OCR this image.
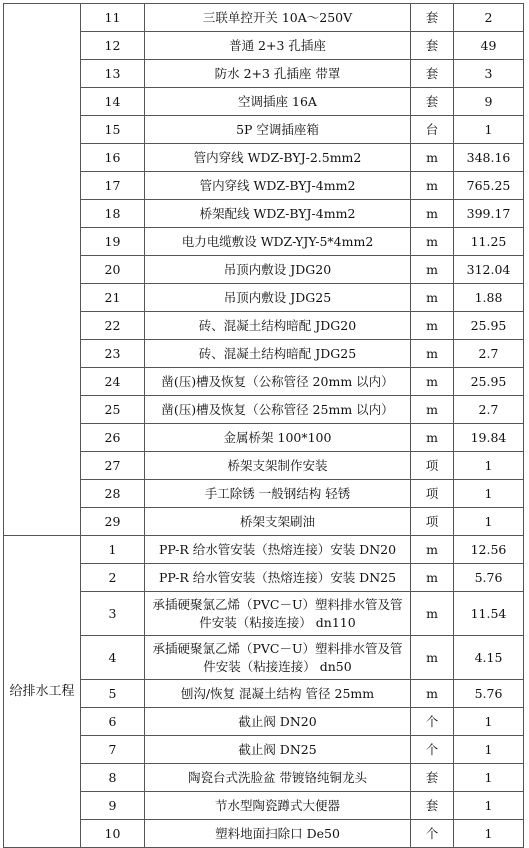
	11	三联单控开关 10A～250V	套	2
	12	普通 2+3 孔插座	套	49
	13	防水 2+3 孔插座 带罩	套	3
	14	空调插座 16A	套	9
	15	5P 空调插座箱	台	1
	16	管内穿线 WDZ-BYJ-2.5mm2	m	348.16
	17	管内穿线 WDZ-BYJ-4mm2	m	765.25
	18	桥架配线 WDZ-BYJ-4mm2	m	399.17
	19	电力电缆敷设 WDZ-YJY-5*4mm2	m	11.25
	20	吊顶内敷设 JDG20	m	312.04
	21	吊顶内敷设 JDG25	m	1.88
	22	砖、混凝土结构暗配 JDG20	m	25.95
	23	砖、混凝土结构暗配 JDG25	m	2.7
	24	凿(压)槽及恢复（公称管径 20mm 以内）	m	25.95
	25	凿(压)槽及恢复（公称管径 25mm 以内）	m	2.7
	26	金属桥架 100*100	m	19.84
	27	桥架支架制作安装	项	1
	28	手工除锈 一般钢结构 轻锈	项	1
	29	桥架支架刷油	项	1
给排水工程	1	PP-R 给水管安装（热熔连接）安装 DN20	m	12.56
	2	PP-R 给水管安装（热熔连接）安装 DN25	m	5.76
	3	承插硬聚氯乙烯（PVC－U）塑料排水管及管件安装（粘接连接） dn110	m	11.54
	4	承插硬聚氯乙烯（PVC－U）塑料排水管及管件安装（粘接连接） dn50	m	4.15
	5	刨沟/恢复 混凝土结构 管径 25mm	m	5.76
	6	截止阀 DN20	个	1
	7	截止阀 DN25	个	1
	8	陶瓷台式洗脸盆 带镀铬纯铜龙头	套	1
	9	节水型陶瓷蹲式大便器	套	1
	10	塑料地面扫除口 De50	个	1
